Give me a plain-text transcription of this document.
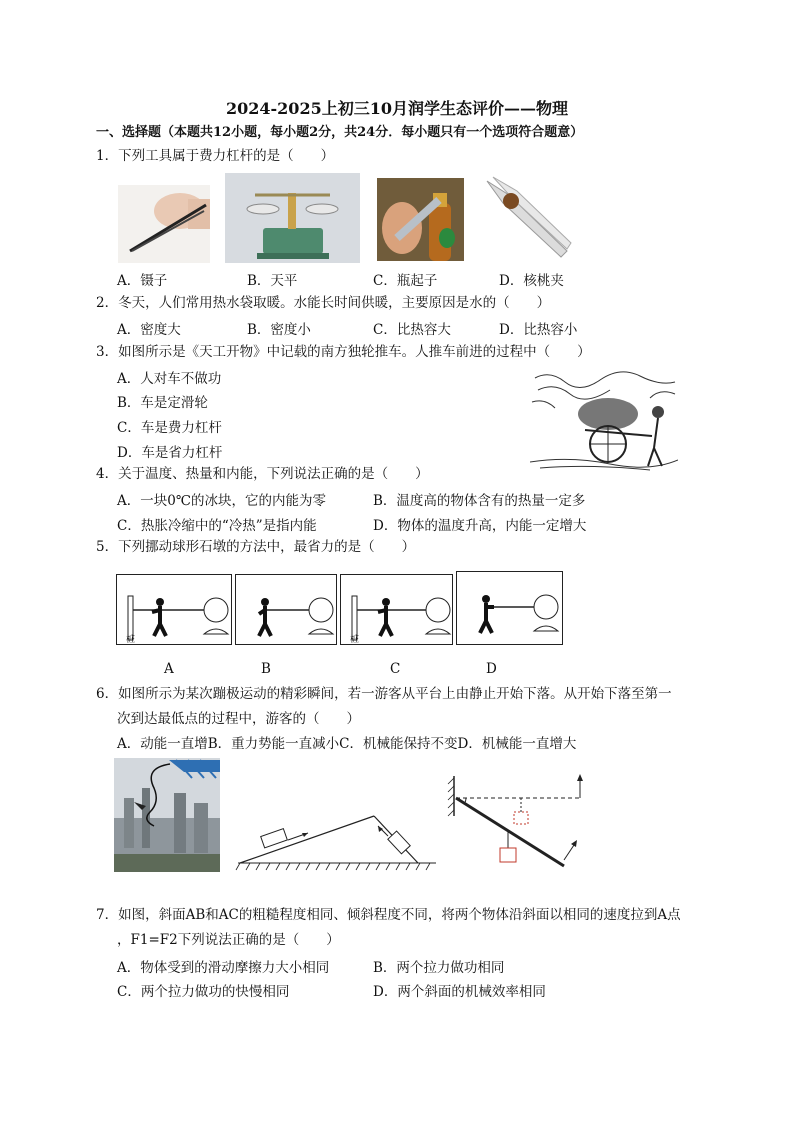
2024-2025上初三10月润学生态评价——物理
一、选择题（本题共12小题，每小题2分，共24分．每小题只有一个选项符合题意）
1．下列工具属于费力杠杆的是（　　）
A．镊子	B．天平	C．瓶起子	D．核桃夹
2．冬天，人们常用热水袋取暖。水能长时间供暖，主要原因是水的（　　）
A．密度大	B．密度小	C．比热容大	D．比热容小
3．如图所示是《天工开物》中记载的南方独轮推车。人推车前进的过程中（　　）
A．人对车不做功
B．车是定滑轮
C．车是费力杠杆
D．车是省力杠杆
4．关于温度、热量和内能，下列说法正确的是（　　）
A．一块0℃的冰块，它的内能为零	B．温度高的物体含有的热量一定多
C．热胀冷缩中的“冷热”是指内能	D．物体的温度升高，内能一定增大
5．下列挪动球形石墩的方法中，最省力的是（　　）
桩	桩
A	B	C	D
6．如图所示为某次蹦极运动的精彩瞬间，若一游客从平台上由静止开始下落。从开始下落至第一
次到达最低点的过程中，游客的（　　）
A．动能一直增B．重力势能一直减小C．机械能保持不变D．机械能一直增大
7．如图，斜面AB和AC的粗糙程度相同、倾斜程度不同，将两个物体沿斜面以相同的速度拉到A点
，F1=F2下列说法正确的是（　　）
A．物体受到的滑动摩擦力大小相同	B．两个拉力做功相同
C．两个拉力做功的快慢相同	D．两个斜面的机械效率相同
